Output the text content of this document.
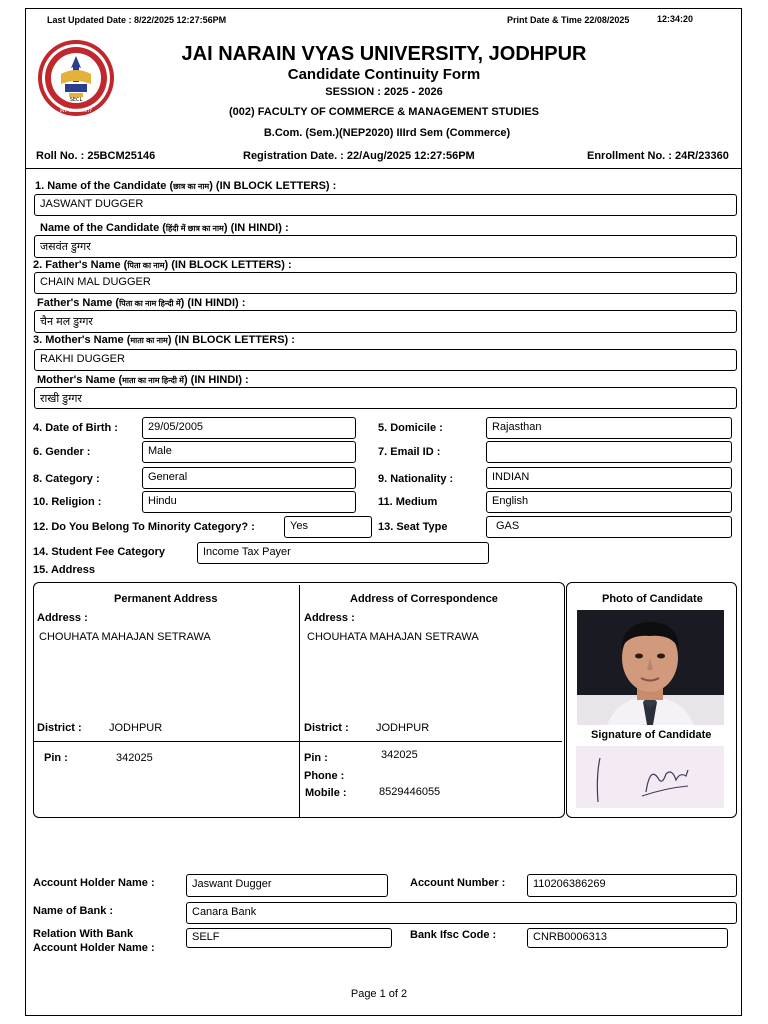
Last Updated Date : 8/22/2025 12:27:56PM	Print Date & Time 22/08/2025	12:34:20
SECL
JNV UNIVERSITY
JAI NARAIN VYAS UNIVERSITY, JODHPUR
Candidate Continuity Form
SESSION : 2025 - 2026
(002) FACULTY OF COMMERCE & MANAGEMENT STUDIES
B.Com. (Sem.)(NEP2020) IIIrd Sem (Commerce)
Roll No. : 25BCM25146	Registration Date. : 22/Aug/2025 12:27:56PM	Enrollment No. : 24R/23360
1. Name of the Candidate (छात्र का नाम) (IN BLOCK LETTERS) :
JASWANT DUGGER
Name of the Candidate (हिंदी में छात्र का नाम) (IN HINDI) :
जसवंत डुग्गर
2. Father's Name (पिता का नाम) (IN BLOCK LETTERS) :
CHAIN MAL DUGGER
Father's Name (पिता का नाम हिन्दी में) (IN HINDI) :
चैन मल डुग्गर
3. Mother's Name (माता का नाम) (IN BLOCK LETTERS) :
RAKHI DUGGER
Mother's Name (माता का नाम हिन्दी में) (IN HINDI) :
राखी डुग्गर
4. Date of Birth :	29/05/2005	5. Domicile :	Rajasthan
6. Gender :	Male	7. Email ID :
8. Category :	General	9. Nationality :	INDIAN
10. Religion :	Hindu	11. Medium	English
12. Do You Belong To Minority Category? :	Yes	13. Seat Type	GAS
14. Student Fee Category	Income Tax Payer
15. Address
Permanent Address	Address of Correspondence
Address :	Address :
CHOUHATA MAHAJAN SETRAWA	CHOUHATA MAHAJAN SETRAWA
District : JODHPUR	District : JODHPUR
Pin :	342025	Pin :	342025
Phone :
Mobile :	8529446055
Photo of Candidate
Signature of Candidate
Account Holder Name :	Jaswant Dugger	Account Number :	110206386269
Name of Bank :	Canara Bank
Relation With Bank
Account Holder Name :
SELF	Bank Ifsc Code :	CNRB0006313
Page 1 of 2
